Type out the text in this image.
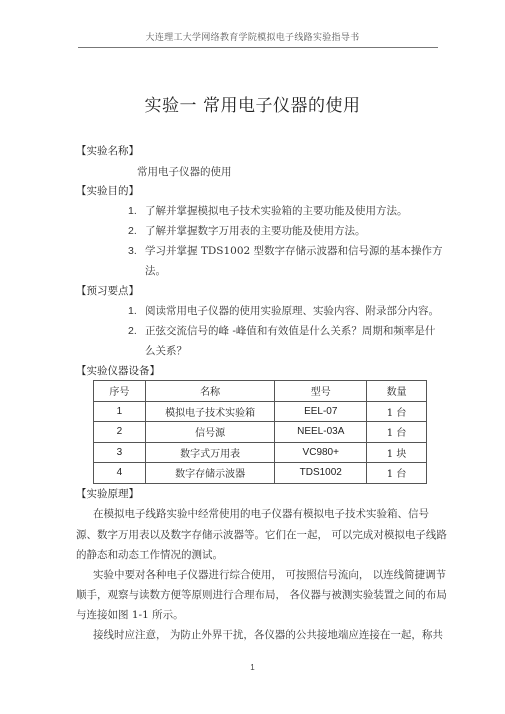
大连理工大学网络教育学院模拟电子线路实验指导书
实验一 常用电子仪器的使用
【实验名称】
常用电子仪器的使用
【实验目的】
1. 了解并掌握模拟电子技术实验箱的主要功能及使用方法。
2. 了解并掌握数字万用表的主要功能及使用方法。
3. 学习并掌握 TDS1002 型数字存储示波器和信号源的基本操作方
法。
【预习要点】
1. 阅读常用电子仪器的使用实验原理、实验内容、附录部分内容。
2. 正弦交流信号的峰 -峰值和有效值是什么关系？周期和频率是什
么关系？
【实验仪器设备】
序号	名称	型号	数量
1	模拟电子技术实验箱	EEL-07	1 台
2	信号源	NEEL-03A	1 台
3	数字式万用表	VC980+	1 块
4	数字存储示波器	TDS1002	1 台
【实验原理】
在模拟电子线路实验中经常使用的电子仪器有模拟电子技术实验箱、信号
源、数字万用表以及数字存储示波器等。它们在一起， 可以完成对模拟电子线路
的静态和动态工作情况的测试。
实验中要对各种电子仪器进行综合使用， 可按照信号流向， 以连线简捷调节
顺手，观察与读数方便等原则进行合理布局， 各仪器与被测实验装置之间的布局
与连接如图 1-1 所示。
接线时应注意， 为防止外界干扰，各仪器的公共接地端应连接在一起，称共
1
